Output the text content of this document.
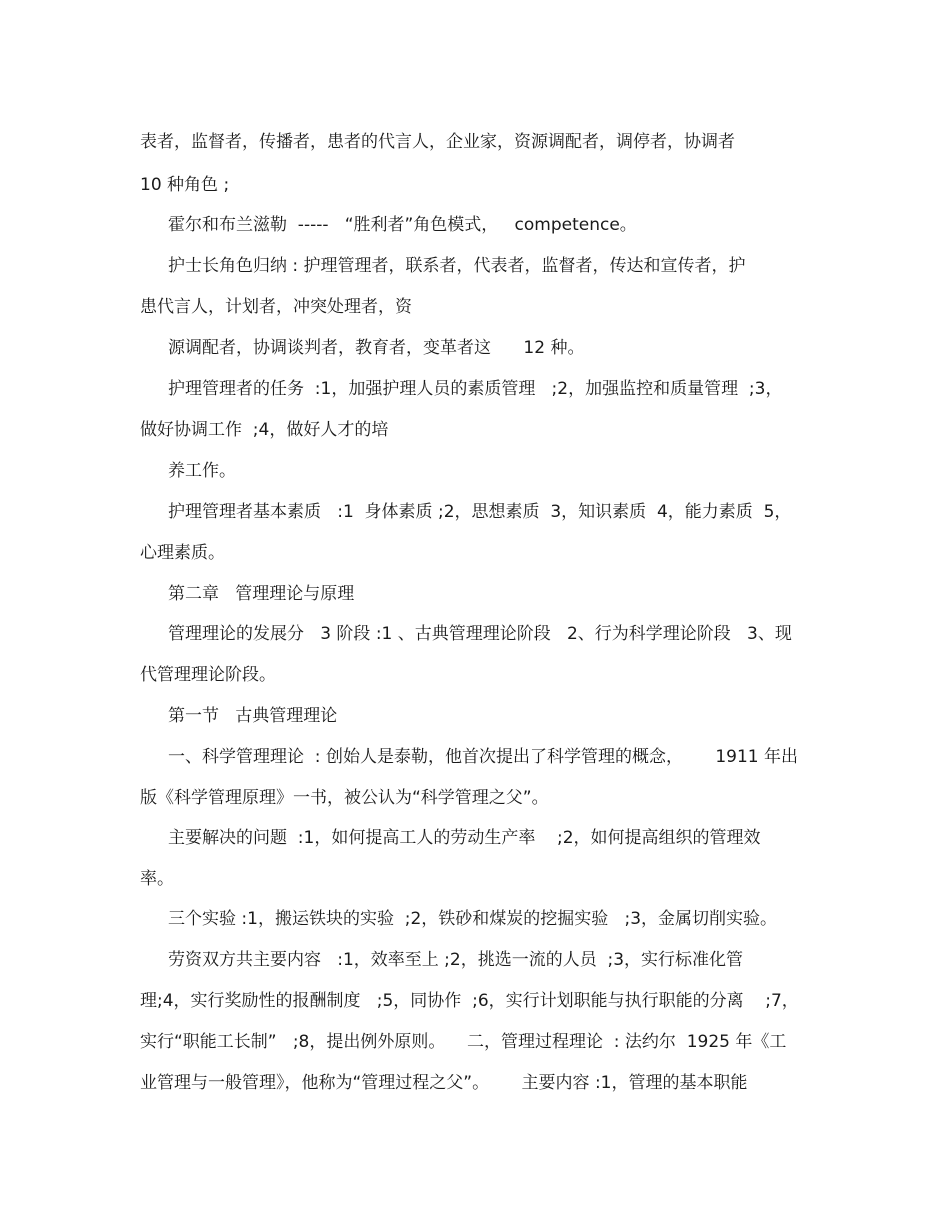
表者，监督者，传播者，患者的代言人，企业家，资源调配者，调停者，协调者
10 种角色 ;
霍尔和布兰滋勒  -----   “胜利者”角色模式，   competence。
护士长角色归纳 : 护理管理者，联系者，代表者，监督者，传达和宣传者，护
患代言人，计划者，冲突处理者，资
源调配者，协调谈判者，教育者，变革者这      12 种。
护理管理者的任务  :1，加强护理人员的素质管理   ;2，加强监控和质量管理  ;3，
做好协调工作  ;4，做好人才的培
养工作。
护理管理者基本素质   :1  身体素质 ;2，思想素质  3，知识素质  4，能力素质  5，
心理素质。
第二章   管理理论与原理
管理理论的发展分   3 阶段 :1 、古典管理理论阶段   2、行为科学理论阶段   3、现
代管理理论阶段。
第一节   古典管理理论
一、科学管理理论  : 创始人是泰勒，他首次提出了科学管理的概念，      1911 年出
版《科学管理原理》一书，被公认为“科学管理之父”。
主要解决的问题  :1，如何提高工人的劳动生产率    ;2，如何提高组织的管理效
率。
三个实验 :1，搬运铁块的实验  ;2，铁砂和煤炭的挖掘实验   ;3，金属切削实验。
劳资双方共主要内容   :1，效率至上 ;2，挑选一流的人员  ;3，实行标准化管
理;4，实行奖励性的报酬制度   ;5，同协作  ;6，实行计划职能与执行职能的分离    ;7，
实行“职能工长制”   ;8，提出例外原则。    二，管理过程理论  : 法约尔  1925 年《工
业管理与一般管理》，他称为“管理过程之父”。      主要内容 :1，管理的基本职能
